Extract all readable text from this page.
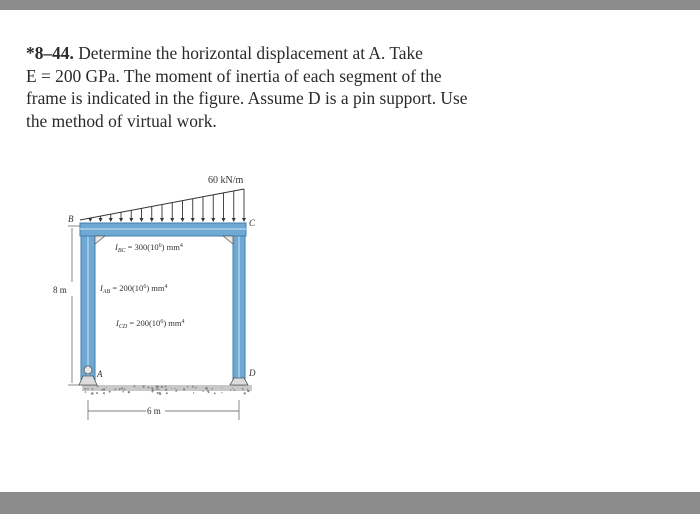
*8–44. Determine the horizontal displacement at A. Take
E = 200 GPa. The moment of inertia of each segment of the
frame is indicated in the figure. Assume D is a pin support. Use
the method of virtual work.
60 kN/m
B	C
A	D
$I_{BC} = 300(10^6)$ $mm^4$
$I_{AB} = 200(10^6)$ $mm^4$
$I_{CD} = 200(10^6)$ $mm^4$
8 m
6 m
